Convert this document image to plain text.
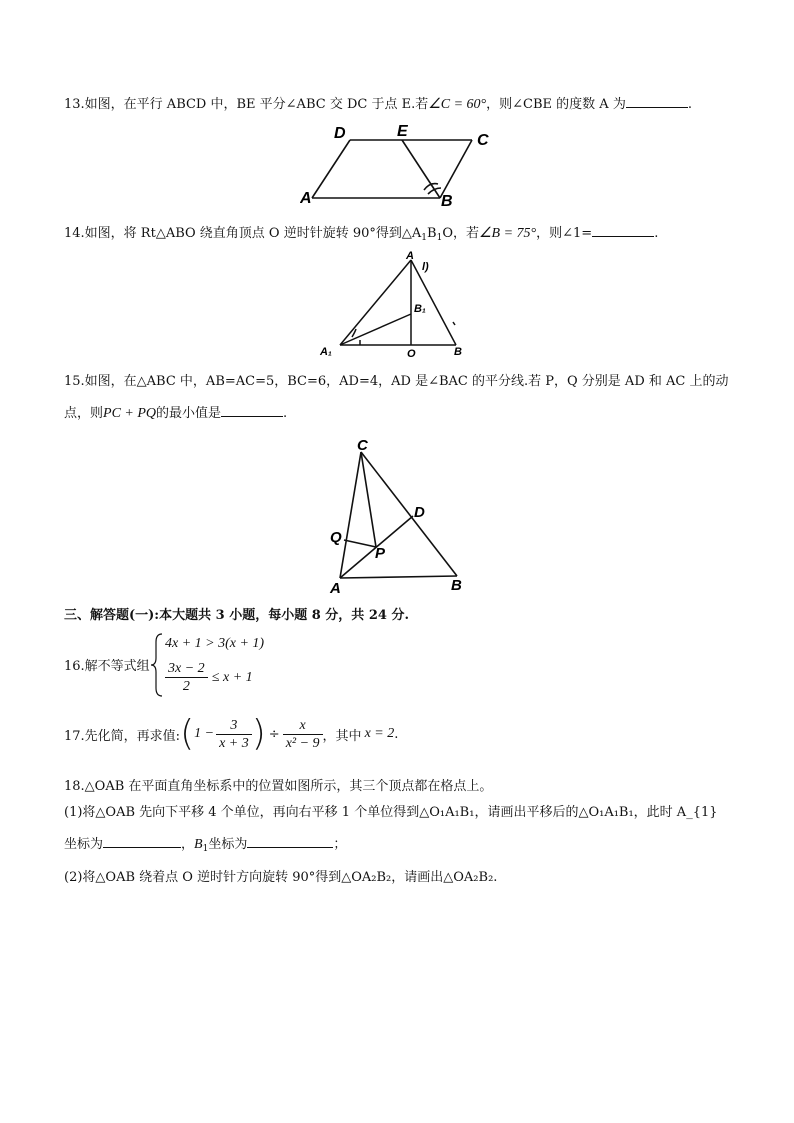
13.如图，在平行 ABCD 中，BE 平分∠ABC 交 DC 于点 E.若∠C = 60°，则∠CBE 的度数 A 为	.
D	E
C
A	B
14.如图，将 Rt△ABO 绕直角顶点 O 逆时针旋转 90°得到$\triangle A_1B_1O$，若∠B = 75°，则∠1=	.
A
l)
B₁
A₁	O	B
15.如图，在△ABC 中，AB=AC=5，BC=6，AD=4，AD 是∠BAC 的平分线.若 P，Q 分别是 AD 和 AC 上的动
点，则PC + PQ的最小值是	.
C
D
Q
P
A	B
三、解答题(一):本大题共 3 小题，每小题 8 分，共 24 分.
16.解不等式组
4x + 1 > 3(x + 1)
$\frac{3x - 2}{2} \le x + 1$
17.先化简，再求值: ( $1 - \frac{3}{x + 3}$ ) ÷ $\frac{x}{\text{x² − 9}}$ ，其中 x = 2 .
18.△OAB 在平面直角坐标系中的位置如图所示，其三个顶点都在格点上。
(1)将△OAB 先向下平移 4 个单位，再向右平移 1 个单位得到△O₁A₁B₁，请画出平移后的△O₁A₁B₁，此时 A_{1}
坐标为	，$B_1$坐标为	；
(2)将△OAB 绕着点 O 逆时针方向旋转 90°得到△OA₂B₂，请画出△OA₂B₂.
